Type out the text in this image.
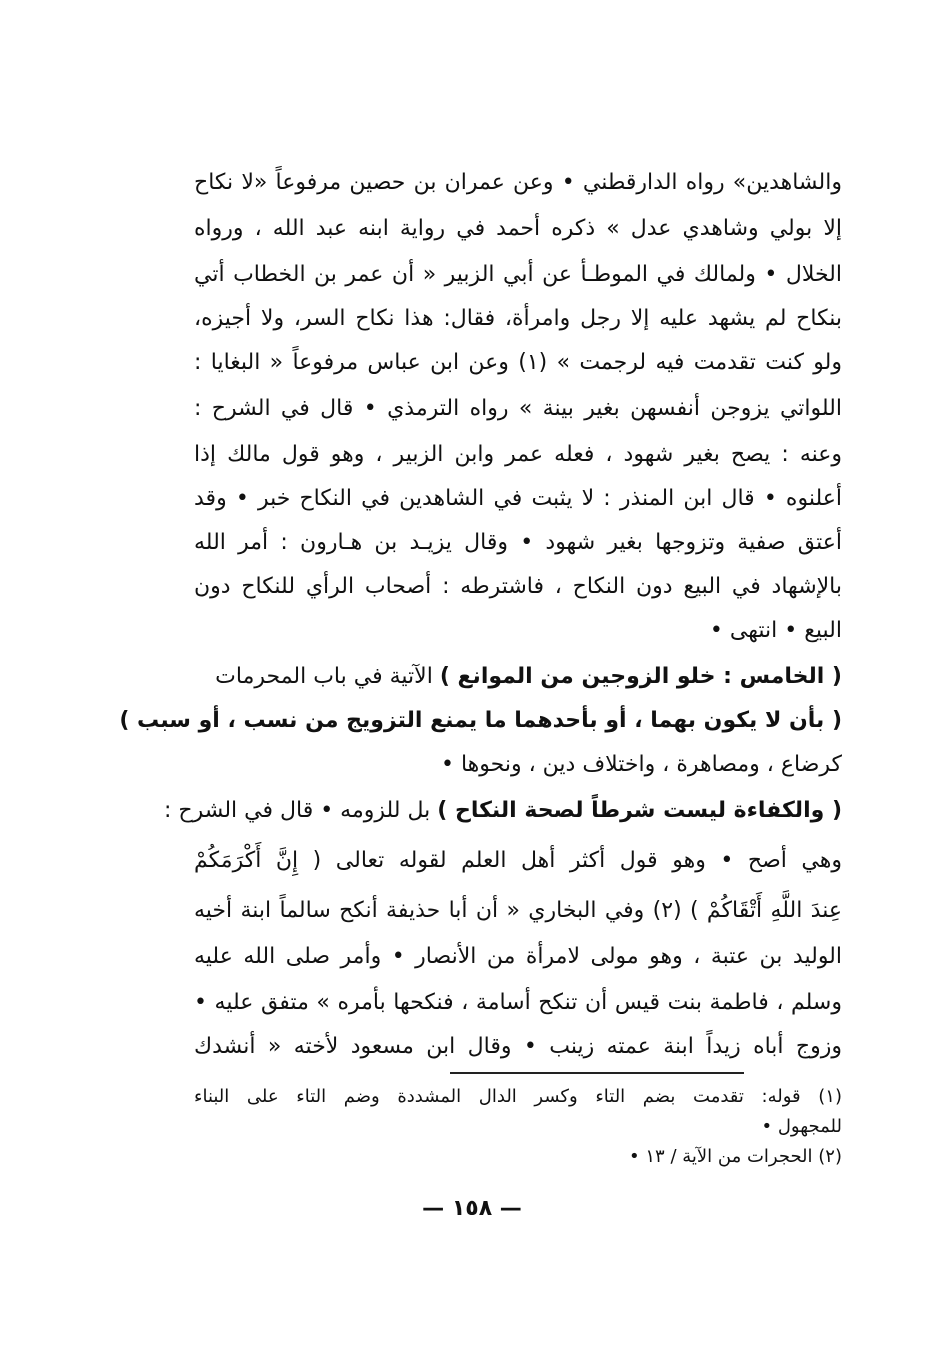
والشاهدين» رواه الدارقطني • وعن عمران بن حصين مرفوعاً «لا نكاح
إلا بولي وشاهدي عدل » ذكره أحمد في رواية ابنه عبد الله ، ورواه
الخلال • ولمالك في الموطـأ عن أبي الزبير « أن عمر بن الخطاب أتي
بنكاح لم يشهد عليه إلا رجل وامرأة، فقال: هذا نكاح السر، ولا أجيزه،
ولو كنت تقدمت فيه لرجمت » (١) وعن ابن عباس مرفوعاً « البغايا :
اللواتي يزوجن أنفسهن بغير بينة » رواه الترمذي • قال في الشرح :
وعنه : يصح بغير شهود ، فعله عمر وابن الزبير ، وهو قول مالك إذا
أعلنوه • قال ابن المنذر : لا يثبت في الشاهدين في النكاح خبر • وقد
أعتق صفية وتزوجها بغير شهود • وقال يزيـد بن هـارون : أمر الله
بالإشهاد في البيع دون النكاح ، فاشترطه : أصحاب الرأي للنكاح دون
البيع • انتهى •
( الخامس : خلو الزوجين من الموانع ) الآتية في باب المحرمات
( بأن لا يكون بهما ، أو بأحدهما ما يمنع التزويج من نسب ، أو سبب )
كرضاع ، ومصاهرة ، واختلاف دين ، ونحوها •
( والكفاءة ليست شرطاً لصحة النكاح ) بل للزومه • قال في الشرح :
وهي أصح • وهو قول أكثر أهل العلم لقوله تعالى ( إِنَّ أَكْرَمَكُمْ
عِندَ اللَّهِ أَتْقَاكُمْ ) (٢) وفي البخاري « أن أبا حذيفة أنكح سالماً ابنة أخيه
الوليد بن عتبة ، وهو مولى لامرأة من الأنصار • وأمر صلى الله عليه
وسلم ، فاطمة بنت قيس أن تنكح أسامة ، فنكحها بأمره » متفق عليه •
وزوج أباه زيداً ابنة عمته زينب • وقال ابن مسعود لأخته « أنشدك
(١) قوله: تقدمت بضم التاء وكسر الدال المشددة وضم التاء على البناء
للمجهول •
(٢) الحجرات من الآية / ١٣ •
— ١٥٨ —
